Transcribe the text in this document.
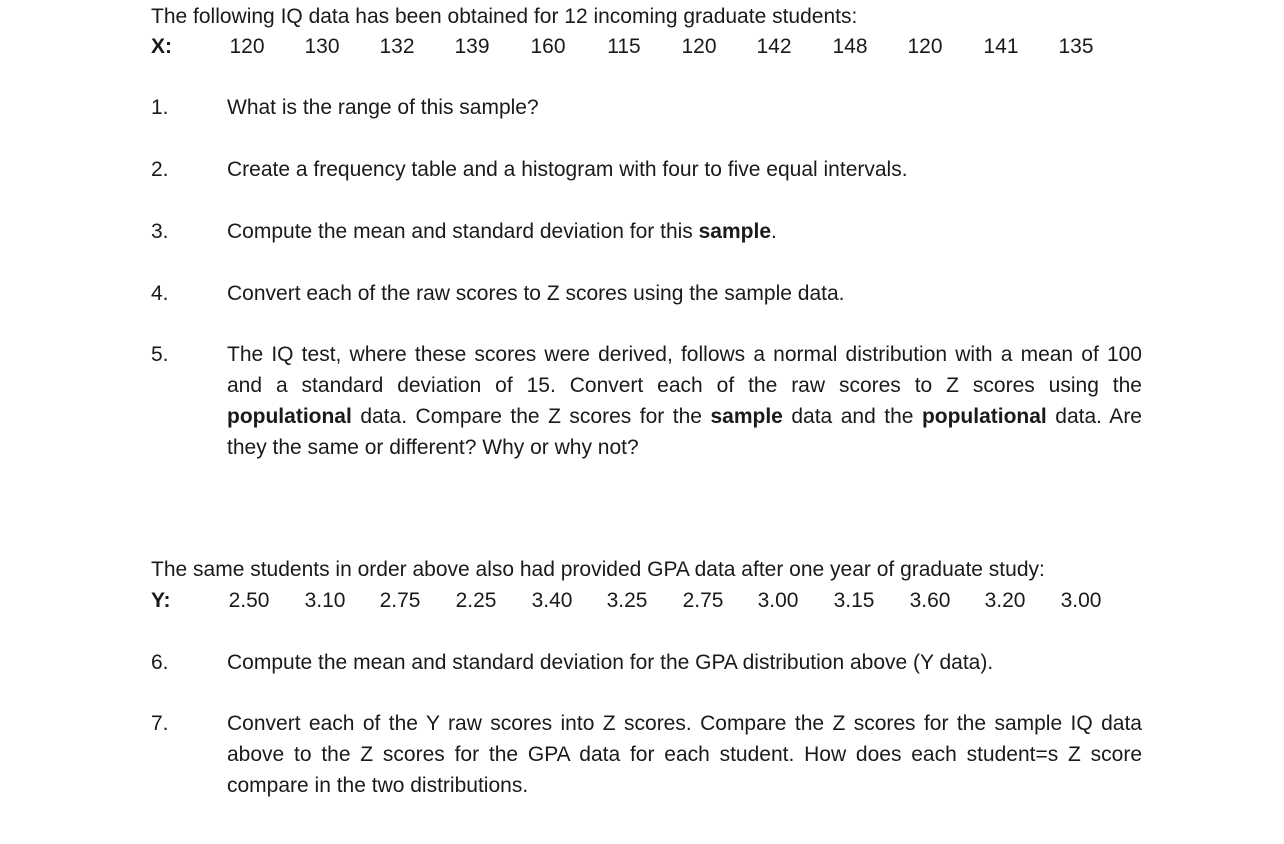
The following IQ data has been obtained for 12 incoming graduate students:
X:	120	130	132	139	160	115	120	142	148	120	141	135
1.	What is the range of this sample?
2.	Create a frequency table and a histogram with four to five equal intervals.
3.	Compute the mean and standard deviation for this sample.
4.	Convert each of the raw scores to Z scores using the sample data.
5.	The IQ test, where these scores were derived, follows a normal distribution with a mean of 100 and a standard deviation of 15. Convert each of the raw scores to Z scores using the populational data. Compare the Z scores for the sample data and the populational data. Are they the same or different? Why or why not?
The same students in order above also had provided GPA data after one year of graduate study:
Y:	2.50 3.10 2.75 2.25 3.40 3.25 2.75 3.00 3.15 3.60 3.20 3.00
6.	Compute the mean and standard deviation for the GPA distribution above (Y data).
7.	Convert each of the Y raw scores into Z scores. Compare the Z scores for the sample IQ data above to the Z scores for the GPA data for each student. How does each student=s Z score compare in the two distributions.
